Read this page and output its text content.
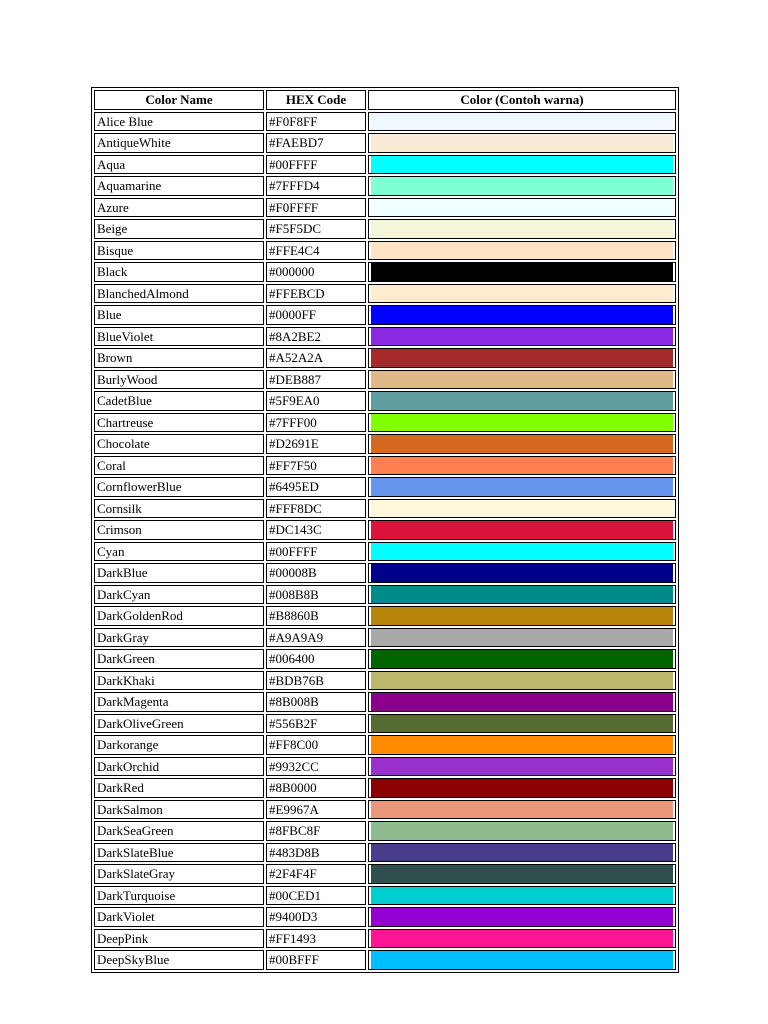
Color Name	HEX Code	Color (Contoh warna)
Alice Blue	#F0F8FF	

AntiqueWhite	#FAEBD7	

Aqua	#00FFFF	

Aquamarine	#7FFFD4	

Azure	#F0FFFF	

Beige	#F5F5DC	

Bisque	#FFE4C4	

Black	#000000	

BlanchedAlmond	#FFEBCD	

Blue	#0000FF	

BlueViolet	#8A2BE2	

Brown	#A52A2A	

BurlyWood	#DEB887	

CadetBlue	#5F9EA0	

Chartreuse	#7FFF00	

Chocolate	#D2691E	

Coral	#FF7F50	

CornflowerBlue	#6495ED	

Cornsilk	#FFF8DC	

Crimson	#DC143C	

Cyan	#00FFFF	

DarkBlue	#00008B	

DarkCyan	#008B8B	

DarkGoldenRod	#B8860B	

DarkGray	#A9A9A9	

DarkGreen	#006400	

DarkKhaki	#BDB76B	

DarkMagenta	#8B008B	

DarkOliveGreen	#556B2F	

Darkorange	#FF8C00	

DarkOrchid	#9932CC	

DarkRed	#8B0000	

DarkSalmon	#E9967A	

DarkSeaGreen	#8FBC8F	

DarkSlateBlue	#483D8B	

DarkSlateGray	#2F4F4F	

DarkTurquoise	#00CED1	

DarkViolet	#9400D3	

DeepPink	#FF1493	

DeepSkyBlue	#00BFFF	
